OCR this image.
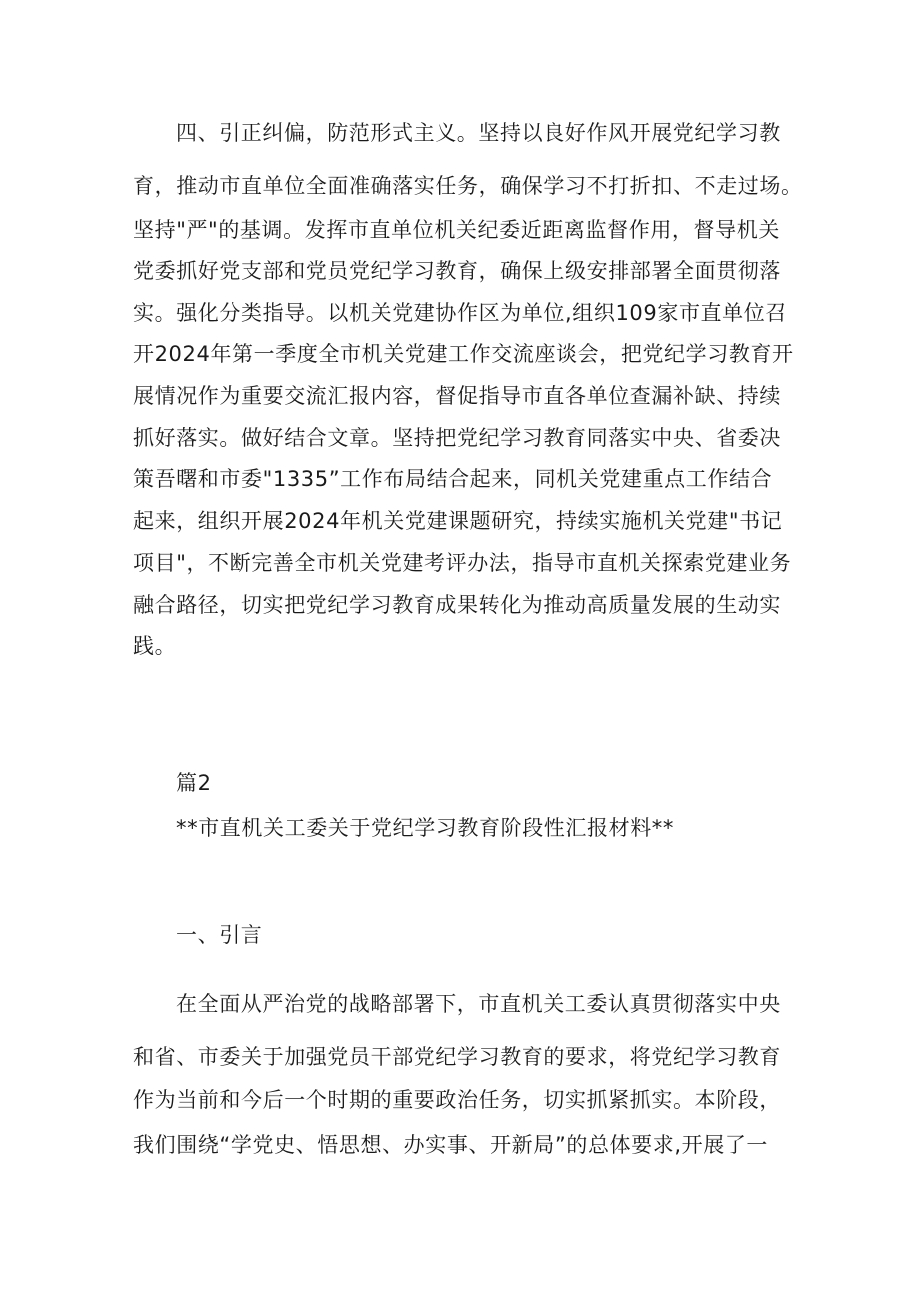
四、引正纠偏，防范形式主义。坚持以良好作风开展党纪学习教
育，推动市直单位全面准确落实任务，确保学习不打折扣、不走过场。
坚持"严"的基调。发挥市直单位机关纪委近距离监督作用，督导机关
党委抓好党支部和党员党纪学习教育，确保上级安排部署全面贯彻落
实。强化分类指导。以机关党建协作区为单位,组织109家市直单位召
开2024年第一季度全市机关党建工作交流座谈会，把党纪学习教育开
展情况作为重要交流汇报内容，督促指导市直各单位查漏补缺、持续
抓好落实。做好结合文章。坚持把党纪学习教育同落实中央、省委决
策吾曙和市委"1335”工作布局结合起来，同机关党建重点工作结合
起来，组织开展2024年机关党建课题研究，持续实施机关党建"书记
项目"，不断完善全市机关党建考评办法，指导市直机关探索党建业务
融合路径，切实把党纪学习教育成果转化为推动高质量发展的生动实
践。
篇2
**市直机关工委关于党纪学习教育阶段性汇报材料**
一、引言
在全面从严治党的战略部署下，市直机关工委认真贯彻落实中央
和省、市委关于加强党员干部党纪学习教育的要求，将党纪学习教育
作为当前和今后一个时期的重要政治任务，切实抓紧抓实。本阶段，
我们围绕“学党史、悟思想、办实事、开新局”的总体要求,开展了一
